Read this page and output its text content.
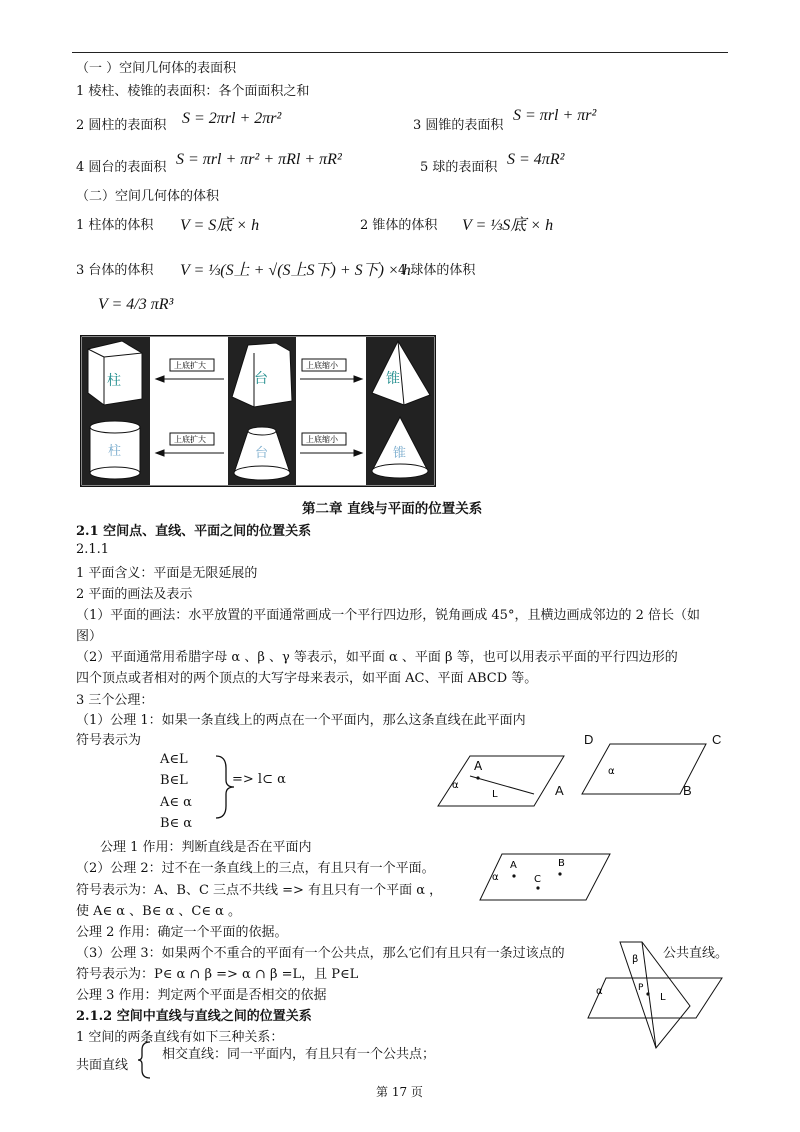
（一 ）空间几何体的表面积
1 棱柱、棱锥的表面积：各个面面积之和
2 圆柱的表面积 S = 2πrl + 2πr²	3 圆锥的表面积
S = πrl + πr²
4 圆台的表面积 S = πrl + πr² + πRl + πR²	5 球的表面积 S = 4πR²
（二）空间几何体的体积
1 柱体的体积 V = S底 × h	2 锥体的体积 V = ⅓S底 × h
3 台体的体积 V = ⅓(S上 + √(S上S下) + S下) × h
4 球体的体积
V = 4/3 πR³
柱	台	锥
柱	台	锥
上底扩大	上底缩小
上底扩大	上底缩小
第二章 直线与平面的位置关系
2.1 空间点、直线、平面之间的位置关系
2.1.1
1 平面含义：平面是无限延展的
2 平面的画法及表示
（1）平面的画法：水平放置的平面通常画成一个平行四边形，锐角画成 45°，且横边画成邻边的 2 倍长（如
图）
（2）平面通常用希腊字母 α 、β 、γ 等表示，如平面 α 、平面 β 等，也可以用表示平面的平行四边形的
四个顶点或者相对的两个顶点的大写字母来表示，如平面 AC、平面 ABCD 等。
3 三个公理：
（1）公理 1：如果一条直线上的两点在一个平面内，那么这条直线在此平面内
符号表示为
A∈L
B∈L
A∈ α
B∈ α
=> l⊂ α
公理 1 作用：判断直线是否在平面内
（2）公理 2：过不在一条直线上的三点，有且只有一个平面。
符号表示为：A、B、C 三点不共线 => 有且只有一个平面 α ，
使 A∈ α 、B∈ α 、C∈ α 。
公理 2 作用：确定一个平面的依据。
（3）公理 3：如果两个不重合的平面有一个公共点，那么它们有且只有一条过该点的	公共直线。
符号表示为：P∈ α ∩ β => α ∩ β =L，且 P∈L
公理 3 作用：判定两个平面是否相交的依据
2.1.2 空间中直线与直线之间的位置关系
1 空间的两条直线有如下三种关系：
共面直线
相交直线：同一平面内，有且只有一个公共点；
A
L
α	A
α
D	C
B
A	B
C
α
β
P
L
α
第 17 页
